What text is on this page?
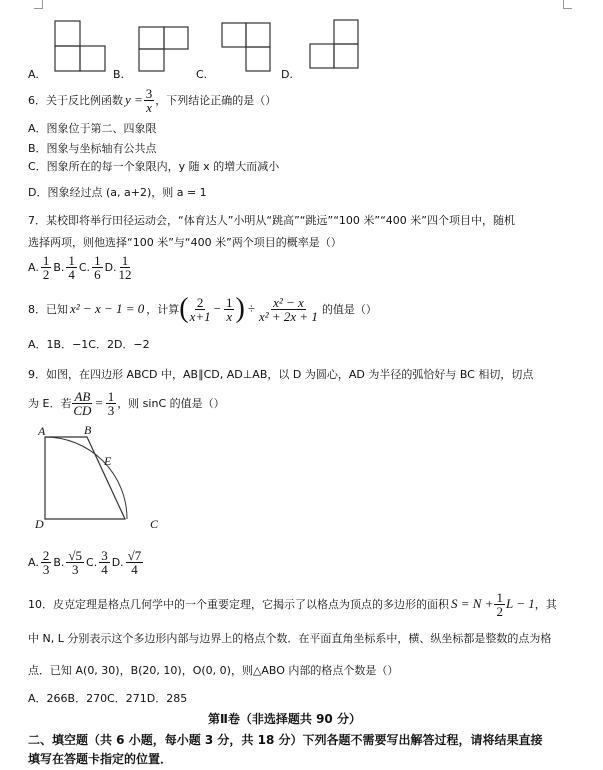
A.	B.	C.	D.
6．关于反比例函数 $y = \frac{3}{x}$ ，下列结论正确的是（）
A．图象位于第二、四象限
B．图象与坐标轴有公共点
C．图象所在的每一个象限内，y 随 x 的增大而减小
D．图象经过点 (a, a+2)，则 a = 1
7．某校即将举行田径运动会，“体育达人”小明从“跳高”“跳远”“100 米”“400 米”四个项目中，随机
选择两项，则他选择“100 米”与“400 米”两个项目的概率是（）
A. $\frac{1}{2} B$. $\frac{1}{4} C$. $\frac{1}{6} D$. $\frac{1}{12}$
8．已知 x² − x − 1 = 0 ，计算 ( $\frac{2}{x+1} - \frac{1}{x}$ ) ÷ $\frac{\text{x² − x}}{\text{x² + 2x + 1}}$ 的值是（）
A．1B．−1C．2D．−2
9．如图，在四边形 ABCD 中，AB∥CD, AD⊥AB，以 D 为圆心，AD 为半径的弧恰好与 BC 相切，切点
为 E．若 $\frac{AB}{CD} = \frac{1}{3}$ ，则 sinC 的值是（）
A	B
E
D	C
A. $\frac{2}{3} B$. $\frac{√5}{3} C$. $\frac{3}{4} D$. $\frac{√7}{4}$
10．皮克定理是格点几何学中的一个重要定理，它揭示了以格点为顶点的多边形的面积 $S = N + \frac{1}{2}$ L − 1 ，其
中 N, L 分别表示这个多边形内部与边界上的格点个数．在平面直角坐标系中，横、纵坐标都是整数的点为格
点．已知 A(0, 30)，B(20, 10)，O(0, 0)，则△ABO 内部的格点个数是（）
A．266B．270C．271D．285
第Ⅱ卷（非选择题共 90 分）
二、填空题（共 6 小题，每小题 3 分，共 18 分）下列各题不需要写出解答过程，请将结果直接
填写在答题卡指定的位置．
